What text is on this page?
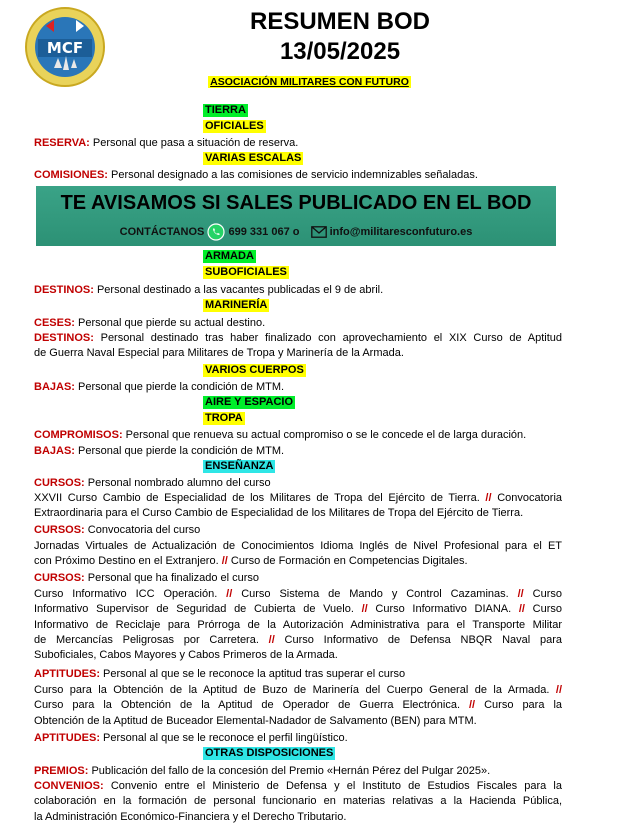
MCF
RESUMEN BOD
13/05/2025
ASOCIACIÓN MILITARES CON FUTURO
TIERRA
OFICIALES
RESERVA: Personal que pasa a situación de reserva.
VARIAS ESCALAS
COMISIONES: Personal designado a las comisiones de servicio indemnizables señaladas.
TE AVISAMOS SI SALES PUBLICADO EN EL BOD
CONTÁCTANOS 699 331 067 o	info@militaresconfuturo.es
ARMADA
SUBOFICIALES
DESTINOS: Personal destinado a las vacantes publicadas el 9 de abril.
MARINERÍA
CESES: Personal que pierde su actual destino.
DESTINOS: Personal destinado tras haber finalizado con aprovechamiento el XIX Curso de Aptitud
de Guerra Naval Especial para Militares de Tropa y Marinería de la Armada.
VARIOS CUERPOS
BAJAS: Personal que pierde la condición de MTM.
AIRE Y ESPACIO
TROPA
COMPROMISOS: Personal que renueva su actual compromiso o se le concede el de larga duración.
BAJAS: Personal que pierde la condición de MTM.
ENSEÑANZA
CURSOS: Personal nombrado alumno del curso
XXVII Curso Cambio de Especialidad de los Militares de Tropa del Ejército de Tierra. // Convocatoria
Extraordinaria para el Curso Cambio de Especialidad de los Militares de Tropa del Ejército de Tierra.
CURSOS: Convocatoria del curso
Jornadas Virtuales de Actualización de Conocimientos Idioma Inglés de Nivel Profesional para el ET
con Próximo Destino en el Extranjero. // Curso de Formación en Competencias Digitales.
CURSOS: Personal que ha finalizado el curso
Curso Informativo ICC Operación. // Curso Sistema de Mando y Control Cazaminas. // Curso
Informativo Supervisor de Seguridad de Cubierta de Vuelo. // Curso Informativo DIANA. // Curso
Informativo de Reciclaje para Prórroga de la Autorización Administrativa para el Transporte Militar
de Mercancías Peligrosas por Carretera. // Curso Informativo de Defensa NBQR Naval para
Suboficiales, Cabos Mayores y Cabos Primeros de la Armada.
APTITUDES: Personal al que se le reconoce la aptitud tras superar el curso
Curso para la Obtención de la Aptitud de Buzo de Marinería del Cuerpo General de la Armada. //
Curso para la Obtención de la Aptitud de Operador de Guerra Electrónica. // Curso para la
Obtención de la Aptitud de Buceador Elemental-Nadador de Salvamento (BEN) para MTM.
APTITUDES: Personal al que se le reconoce el perfil lingüístico.
OTRAS DISPOSICIONES
PREMIOS: Publicación del fallo de la concesión del Premio «Hernán Pérez del Pulgar 2025».
CONVENIOS: Convenio entre el Ministerio de Defensa y el Instituto de Estudios Fiscales para la
colaboración en la formación de personal funcionario en materias relativas a la Hacienda Pública,
la Administración Económico-Financiera y el Derecho Tributario.
